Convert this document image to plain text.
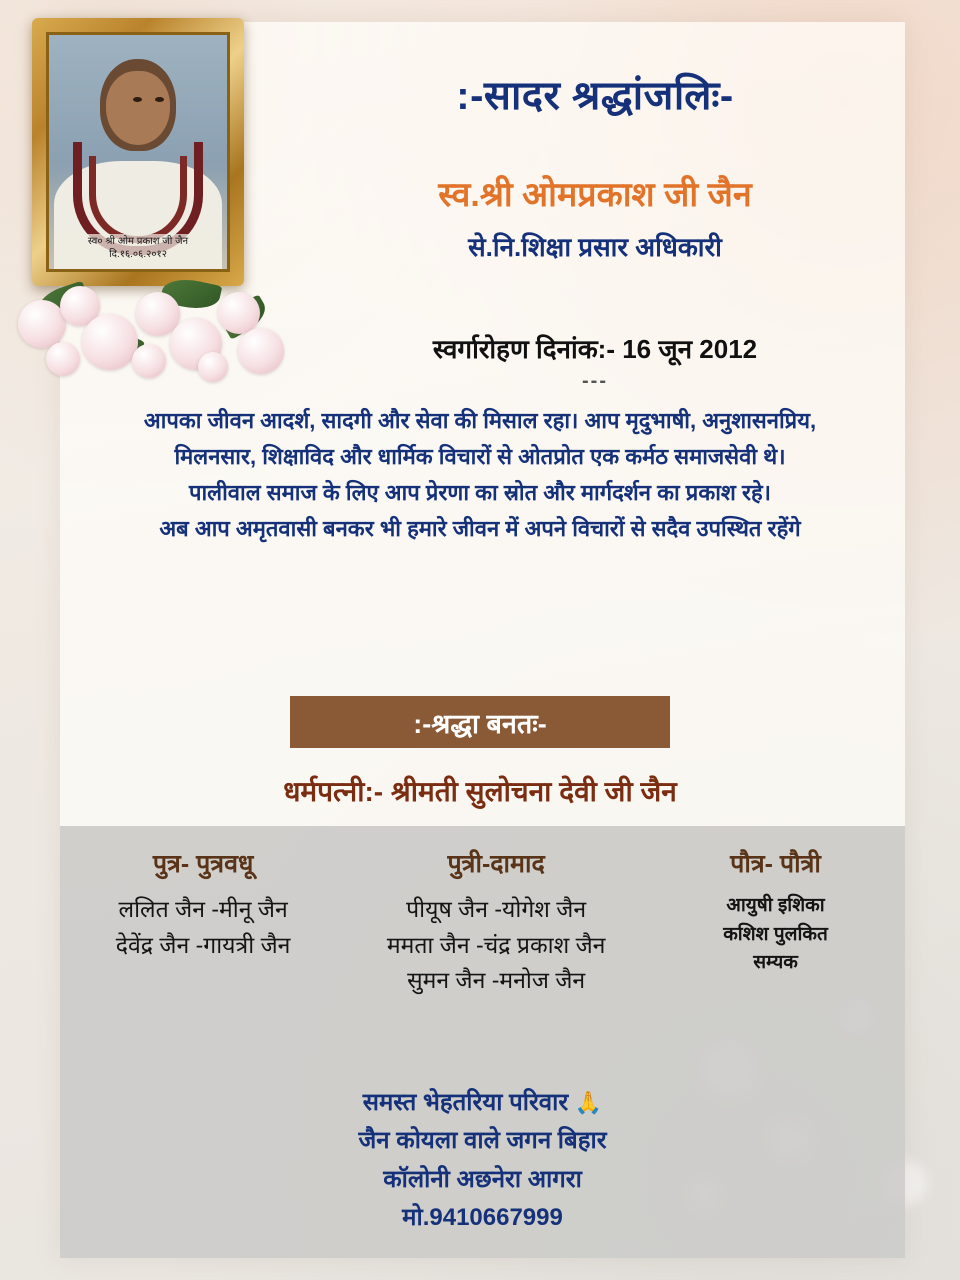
स्व० श्री ओम प्रकाश जी जैन
दि.१६.०६.२०१२
:-सादर श्रद्धांजलिः-
स्व.श्री ओमप्रकाश जी जैन
से.नि.शिक्षा प्रसार अधिकारी
स्वर्गारोहण दिनांक:- 16 जून 2012
---

आपका जीवन आदर्श, सादगी और सेवा की मिसाल रहा। आप मृदुभाषी, अनुशासनप्रिय,

मिलनसार, शिक्षाविद और धार्मिक विचारों से ओतप्रोत एक कर्मठ समाजसेवी थे।

पालीवाल समाज के लिए आप प्रेरणा का स्रोत और मार्गदर्शन का प्रकाश रहे।

अब आप अमृतवासी बनकर भी हमारे जीवन में अपने विचारों से सदैव उपस्थित रहेंगे

:-श्रद्धा बनतः-
धर्मपत्नी:- श्रीमती सुलोचना देवी जी जैन
पुत्र- पुत्रवधू
ललित जैन -मीनू जैन
देवेंद्र जैन -गायत्री जैन
पुत्री-दामाद
पीयूष जैन -योगेश जैन
ममता जैन -चंद्र प्रकाश जैन
सुमन जैन -मनोज जैन
पौत्र- पौत्री
आयुषी इशिका
कशिश पुलकित
सम्यक
समस्त भेहतरिया परिवार 🙏
जैन कोयला वाले जगन बिहार
कॉलोनी अछनेरा आगरा
मो.9410667999
